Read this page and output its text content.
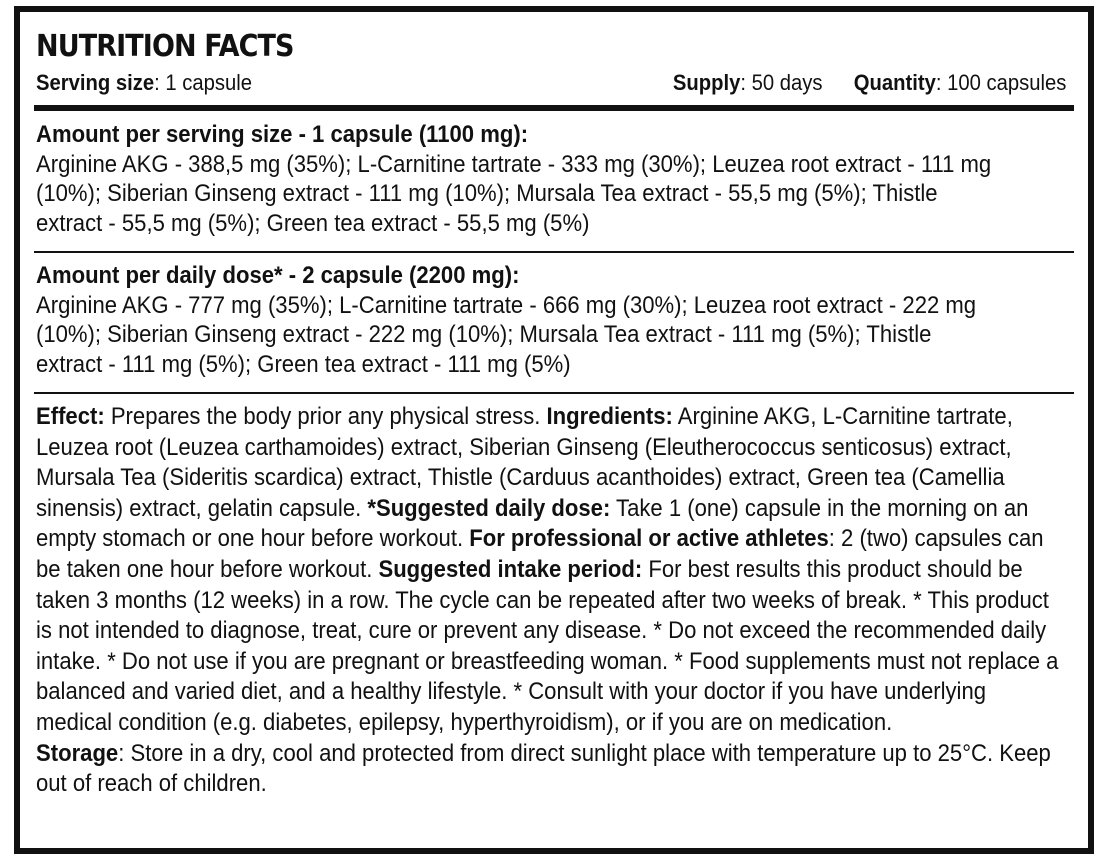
NUTRITION FACTS
Serving size: 1 capsule	Supply: 50 days Quantity: 100 capsules

Amount per serving size - 1 capsule (1100 mg):

Arginine AKG - 388,5 mg (35%); L-Carnitine tartrate - 333 mg (30%); Leuzea root extract - 111 mg

(10%); Siberian Ginseng extract - 111 mg (10%); Mursala Tea extract - 55,5 mg (5%); Thistle

extract - 55,5 mg (5%); Green tea extract - 55,5 mg (5%)

Amount per daily dose* - 2 capsule (2200 mg):

Arginine AKG - 777 mg (35%); L-Carnitine tartrate - 666 mg (30%); Leuzea root extract - 222 mg

(10%); Siberian Ginseng extract - 222 mg (10%); Mursala Tea extract - 111 mg (5%); Thistle

extract - 111 mg (5%); Green tea extract - 111 mg (5%)

Effect: Prepares the body prior any physical stress. Ingredients: Arginine AKG, L-Carnitine tartrate, Leuzea root (Leuzea carthamoides) extract, Siberian Ginseng (Eleutherococcus senticosus) extract, Mursala Tea (Sideritis scardica) extract, Thistle (Carduus acanthoides) extract, Green tea (Camellia sinensis) extract, gelatin capsule. *Suggested daily dose: Take 1 (one) capsule in the morning on an empty stomach or one hour before workout. For professional or active athletes: 2 (two) capsules can be taken one hour before workout. Suggested intake period: For best results this product should be taken 3 months (12 weeks) in a row. The cycle can be repeated after two weeks of break. * This product is not intended to diagnose, treat, cure or prevent any disease. * Do not exceed the recommended daily intake. * Do not use if you are pregnant or breastfeeding woman. * Food supplements must not replace a balanced and varied diet, and a healthy lifestyle. * Consult with your doctor if you have underlying medical condition (e.g. diabetes, epilepsy, hyperthyroidism), or if you are on medication.

Storage: Store in a dry, cool and protected from direct sunlight place with temperature up to 25°C. Keep out of reach of children.
